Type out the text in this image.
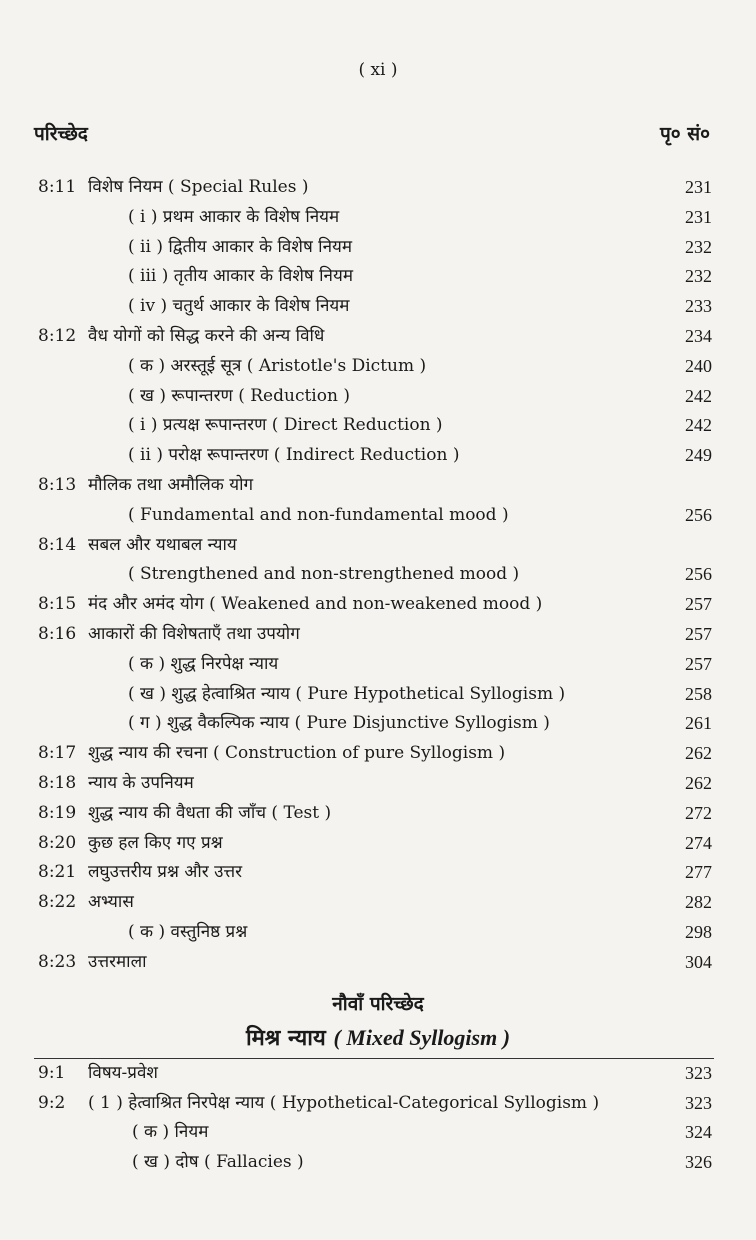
( xi )
परिच्छेद	पृ० सं०
8:11 विशेष नियम ( Special Rules )	231
( i ) प्रथम आकार के विशेष नियम	231
( ii ) द्वितीय आकार के विशेष नियम	232
( iii ) तृतीय आकार के विशेष नियम	232
( iv ) चतुर्थ आकार के विशेष नियम	233
8:12 वैध योगों को सिद्ध करने की अन्य विधि	234
( क ) अरस्तूई सूत्र ( Aristotle's Dictum )	240
( ख ) रूपान्तरण ( Reduction )	242
( i ) प्रत्यक्ष रूपान्तरण ( Direct Reduction )	242
( ii ) परोक्ष रूपान्तरण ( Indirect Reduction )	249
8:13 मौलिक तथा अमौलिक योग
( Fundamental and non-fundamental mood )	256
8:14 सबल और यथाबल न्याय
( Strengthened and non-strengthened mood )	256
8:15 मंद और अमंद योग ( Weakened and non-weakened mood )	257
8:16 आकारों की विशेषताएँ तथा उपयोग	257
( क ) शुद्ध निरपेक्ष न्याय	257
( ख ) शुद्ध हेत्वाश्रित न्याय ( Pure Hypothetical Syllogism )	258
( ग ) शुद्ध वैकल्पिक न्याय ( Pure Disjunctive Syllogism )	261
8:17 शुद्ध न्याय की रचना ( Construction of pure Syllogism )	262
8:18 न्याय के उपनियम	262
8:19 शुद्ध न्याय की वैधता की जाँच ( Test )	272
8:20 कुछ हल किए गए प्रश्न	274
8:21 लघुउत्तरीय प्रश्न और उत्तर	277
8:22 अभ्यास	282
( क ) वस्तुनिष्ठ प्रश्न	298
8:23 उत्तरमाला	304
नौवाँ परिच्छेद
मिश्र न्याय ( Mixed Syllogism )
9:1 विषय-प्रवेश	323
9:2 ( 1 ) हेत्वाश्रित निरपेक्ष न्याय ( Hypothetical-Categorical Syllogism )	323
( क ) नियम	324
( ख ) दोष ( Fallacies )	326
